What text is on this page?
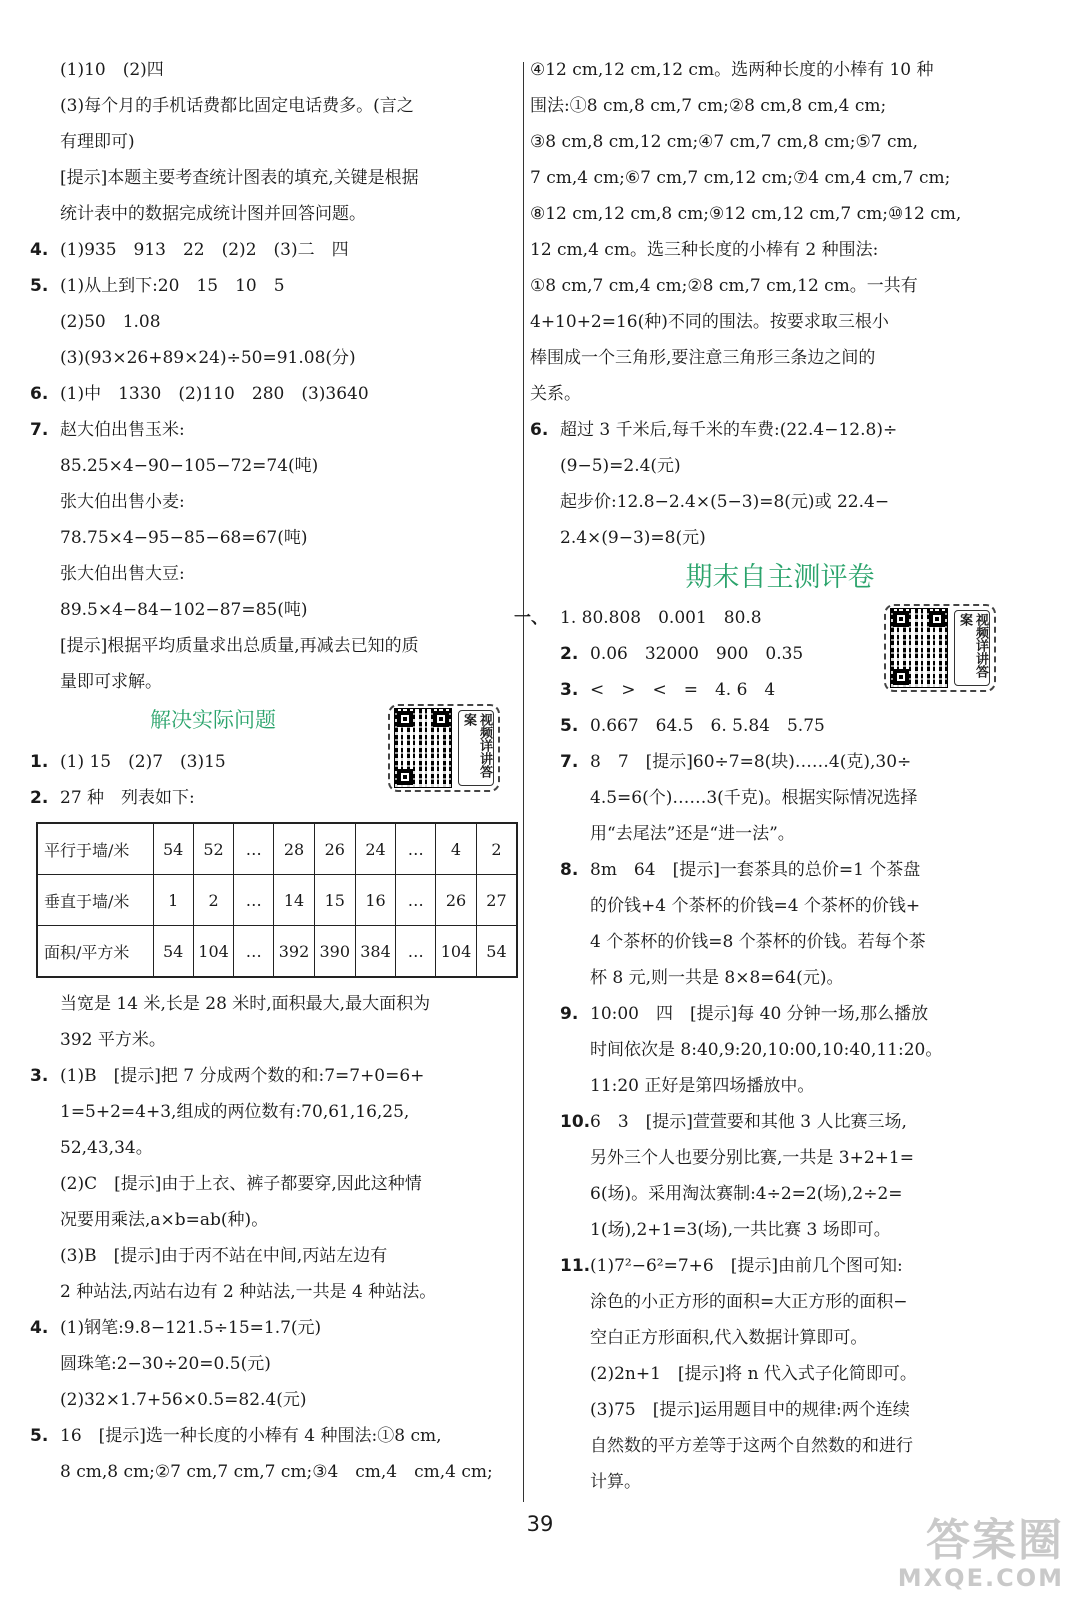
(1)10　(2)四
(3)每个月的手机话费都比固定电话费多。(言之
有理即可)
[提示]本题主要考查统计图表的填充,关键是根据
统计表中的数据完成统计图并回答问题。
4. (1)935　913　22　(2)2　(3)二　四
5. (1)从上到下:20　15　10　5
(2)50　1.08
(3)(93×26+89×24)÷50=91.08(分)
6. (1)中　1330　(2)110　280　(3)3640
7. 赵大伯出售玉米:
85.25×4−90−105−72=74(吨)
张大伯出售小麦:
78.75×4−95−85−68=67(吨)
张大伯出售大豆:
89.5×4−84−102−87=85(吨)
[提示]根据平均质量求出总质量,再减去已知的质
量即可求解。
解决实际问题
1. (1) 15　(2)7　(3)15
2. 27 种　列表如下:
平行于墙/米	54	52	…	28	26	24	…	4	2
垂直于墙/米	1	2	…	14	15	16	…	26	27
面积/平方米	54	104	…	392	390	384	…	104	54
当宽是 14 米,长是 28 米时,面积最大,最大面积为
392 平方米。
3. (1)B　[提示]把 7 分成两个数的和:7=7+0=6+
1=5+2=4+3,组成的两位数有:70,61,16,25,
52,43,34。
(2)C　[提示]由于上衣、裤子都要穿,因此这种情
况要用乘法,a×b=ab(种)。
(3)B　[提示]由于丙不站在中间,丙站左边有
2 种站法,丙站右边有 2 种站法,一共是 4 种站法。
4. (1)钢笔:9.8−121.5÷15=1.7(元)
圆珠笔:2−30÷20=0.5(元)
(2)32×1.7+56×0.5=82.4(元)
5. 16　[提示]选一种长度的小棒有 4 种围法:①8 cm,
8 cm,8 cm;②7 cm,7 cm,7 cm;③4　cm,4　cm,4 cm;
视频详讲答案
④12 cm,12 cm,12 cm。选两种长度的小棒有 10 种
围法:①8 cm,8 cm,7 cm;②8 cm,8 cm,4 cm;
③8 cm,8 cm,12 cm;④7 cm,7 cm,8 cm;⑤7 cm,
7 cm,4 cm;⑥7 cm,7 cm,12 cm;⑦4 cm,4 cm,7 cm;
⑧12 cm,12 cm,8 cm;⑨12 cm,12 cm,7 cm;⑩12 cm,
12 cm,4 cm。选三种长度的小棒有 2 种围法:
①8 cm,7 cm,4 cm;②8 cm,7 cm,12 cm。一共有
4+10+2=16(种)不同的围法。按要求取三根小
棒围成一个三角形,要注意三角形三条边之间的
关系。
6. 超过 3 千米后,每千米的车费:(22.4−12.8)÷
(9−5)=2.4(元)
起步价:12.8−2.4×(5−3)=8(元)或 22.4−
2.4×(9−3)=8(元)
期末自主测评卷
一、 1. 80.808　0.001　80.8
2. 0.06　32000　900　0.35
3. <　>　<　=　4. 6　4
5. 0.667　64.5　6. 5.84　5.75
7. 8　7　[提示]60÷7=8(块)……4(克),30÷
4.5=6(个)……3(千克)。根据实际情况选择
用“去尾法”还是“进一法”。
8. 8m　64　[提示]一套茶具的总价=1 个茶盘
的价钱+4 个茶杯的价钱=4 个茶杯的价钱+
4 个茶杯的价钱=8 个茶杯的价钱。若每个茶
杯 8 元,则一共是 8×8=64(元)。
9. 10:00　四　[提示]每 40 分钟一场,那么播放
时间依次是 8:40,9:20,10:00,10:40,11:20。
11:20 正好是第四场播放中。
10. 6　3　[提示]萱萱要和其他 3 人比赛三场,
另外三个人也要分别比赛,一共是 3+2+1=
6(场)。采用淘汰赛制:4÷2=2(场),2÷2=
1(场),2+1=3(场),一共比赛 3 场即可。
11. (1)7²−6²=7+6　[提示]由前几个图可知:
涂色的小正方形的面积=大正方形的面积−
空白正方形面积,代入数据计算即可。
(2)2n+1　[提示]将 n 代入式子化简即可。
(3)75　[提示]运用题目中的规律:两个连续
自然数的平方差等于这两个自然数的和进行
计算。
视频详讲答案
39	答案圈
MXQE.COM
